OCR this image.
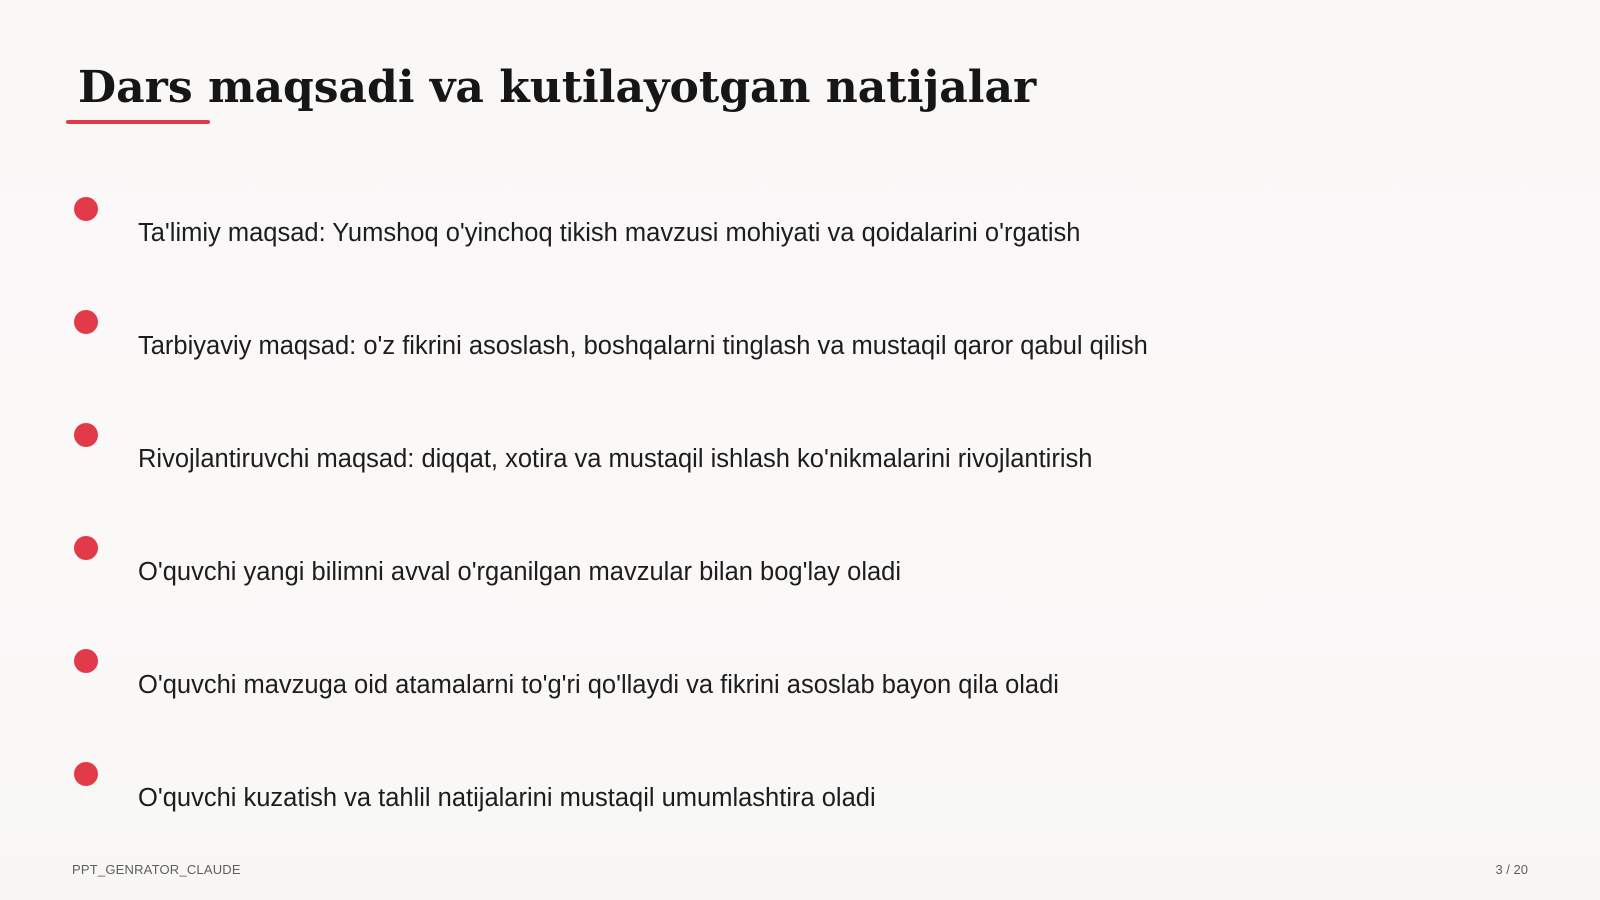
Dars maqsadi va kutilayotgan natijalar
Ta'limiy maqsad: Yumshoq o'yinchoq tikish mavzusi mohiyati va qoidalarini o'rgatish
Tarbiyaviy maqsad: o'z fikrini asoslash, boshqalarni tinglash va mustaqil qaror qabul qilish
Rivojlantiruvchi maqsad: diqqat, xotira va mustaqil ishlash ko'nikmalarini rivojlantirish
O'quvchi yangi bilimni avval o'rganilgan mavzular bilan bog'lay oladi
O'quvchi mavzuga oid atamalarni to'g'ri qo'llaydi va fikrini asoslab bayon qila oladi
O'quvchi kuzatish va tahlil natijalarini mustaqil umumlashtira oladi
PPT_GENRATOR_CLAUDE	3 / 20
